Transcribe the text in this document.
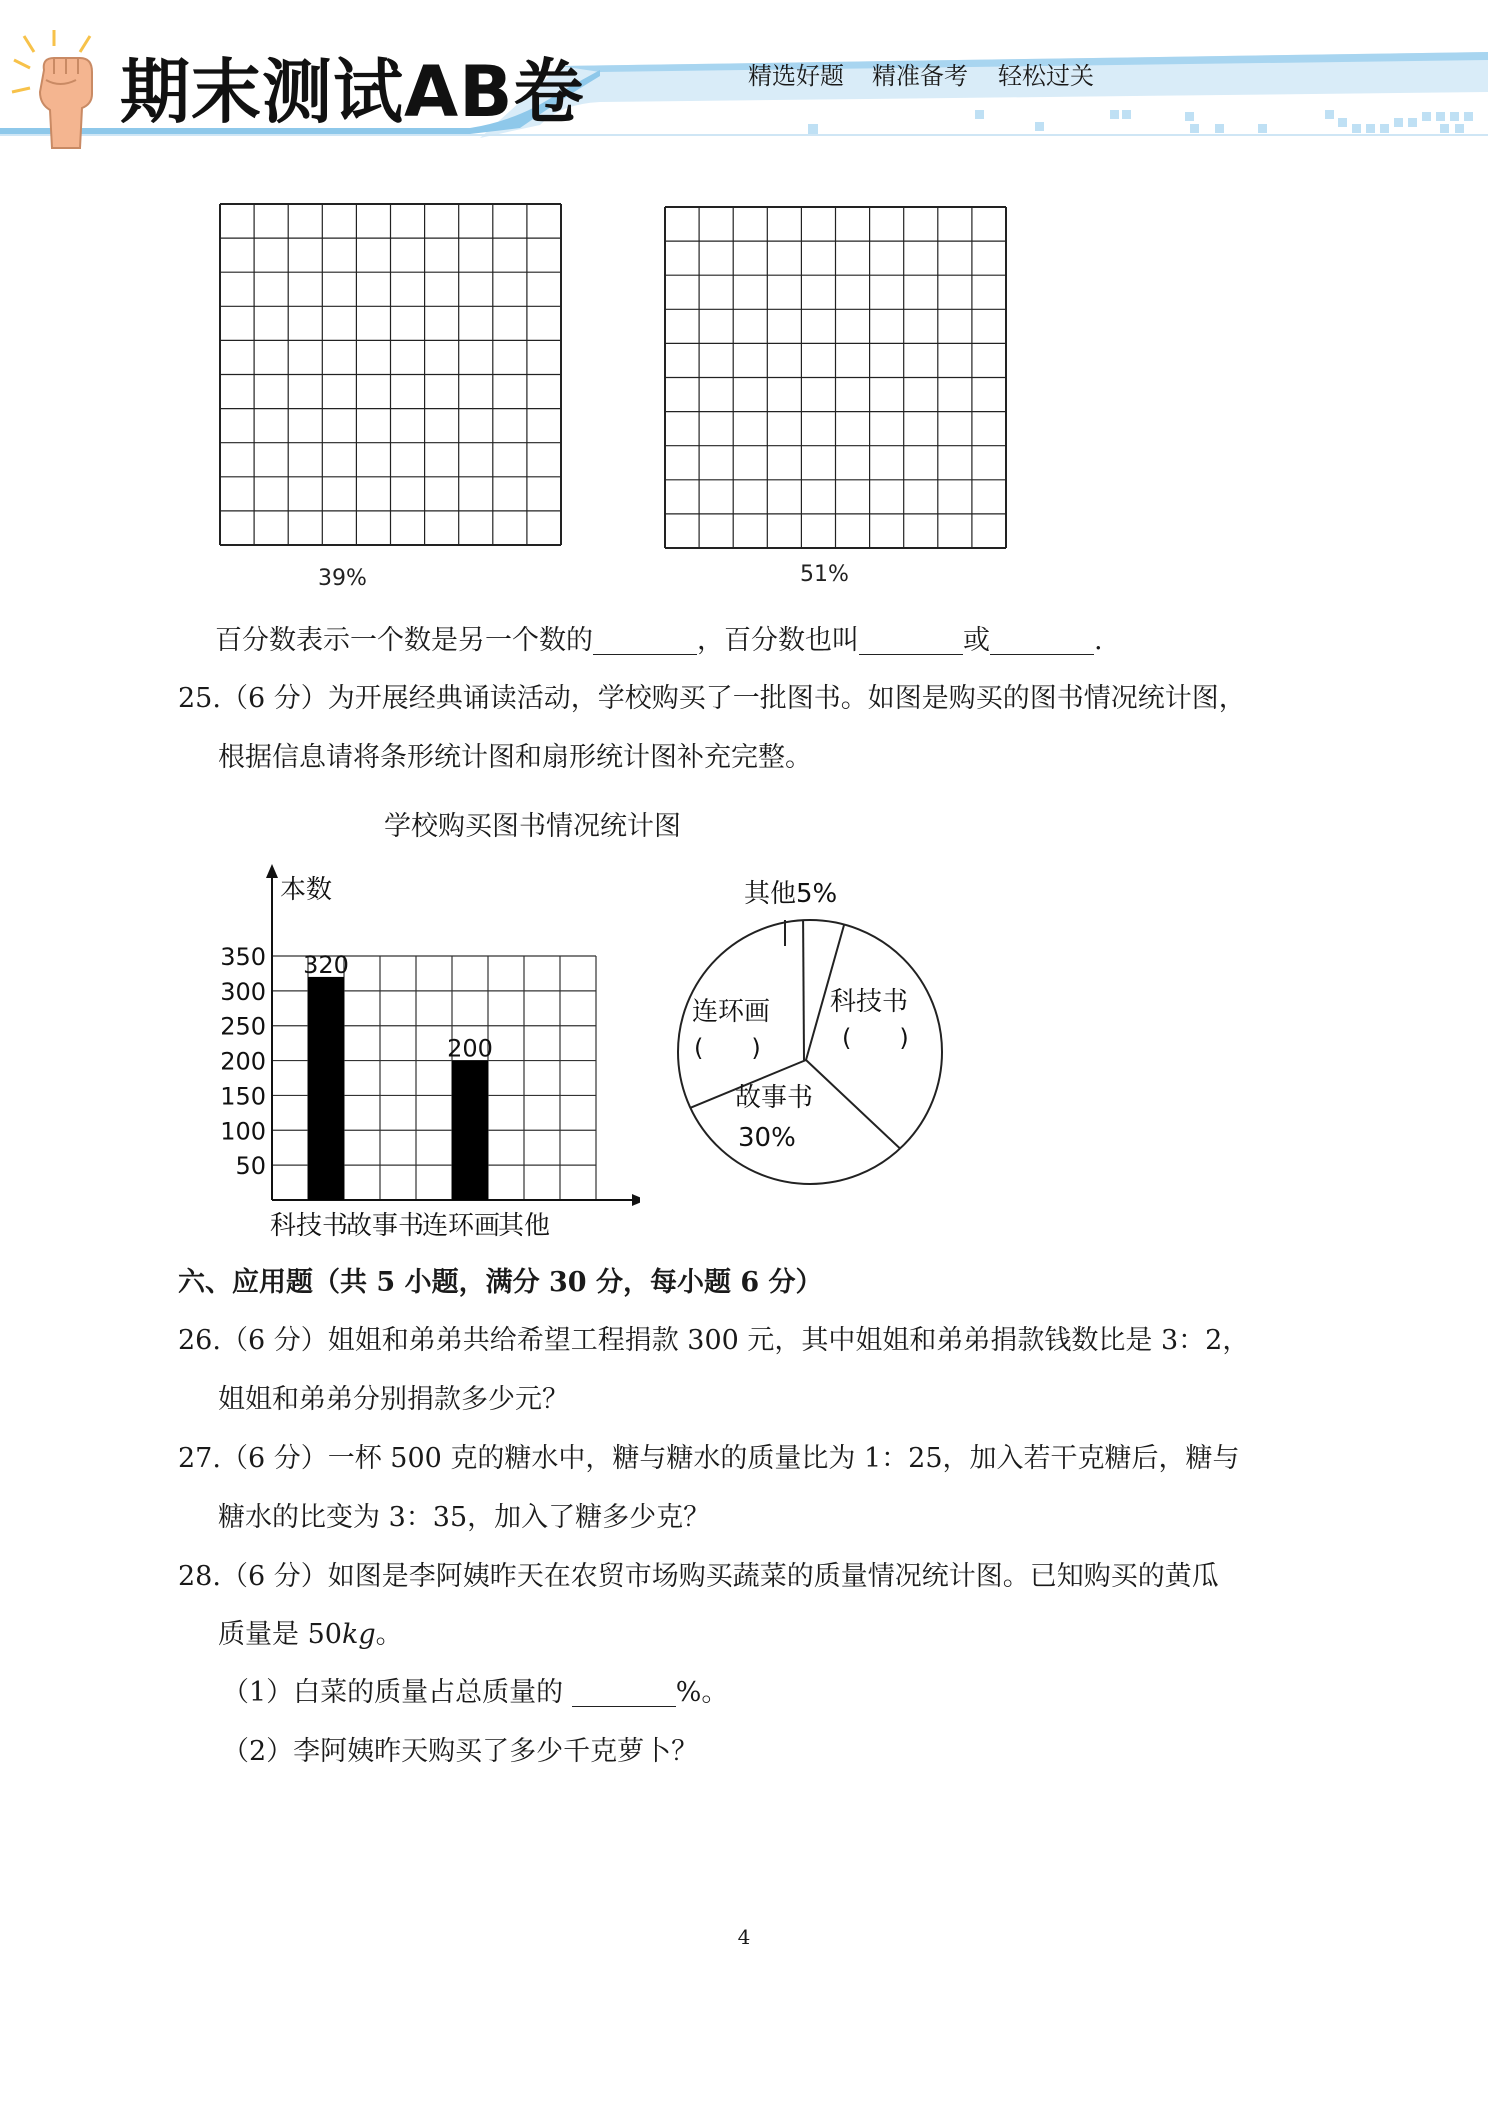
期末测试AB卷	精选好题 精准备考 轻松过关
39%	51%
百分数表示一个数是另一个数的	，百分数也叫	或	.
25.（6 分）为开展经典诵读活动，学校购买了一批图书。如图是购买的图书情况统计图，
根据信息请将条形统计图和扇形统计图补充完整。
学校购买图书情况统计图
本数
50
100
150
200
250
300
350 320
科技书
故事书
200
连环画
其他
其他5%
科技书
(　　)
故事书
30%
连环画
(　　)
六、应用题（共 5 小题，满分 30 分，每小题 6 分）
26.（6 分）姐姐和弟弟共给希望工程捐款 300 元，其中姐姐和弟弟捐款钱数比是 3：2，
姐姐和弟弟分别捐款多少元？
27.（6 分）一杯 500 克的糖水中，糖与糖水的质量比为 1：25，加入若干克糖后，糖与
糖水的比变为 3：35，加入了糖多少克？
28.（6 分）如图是李阿姨昨天在农贸市场购买蔬菜的质量情况统计图。已知购买的黄瓜
质量是 50kg。
（1）白菜的质量占总质量的	%。
（2）李阿姨昨天购买了多少千克萝卜？
4
